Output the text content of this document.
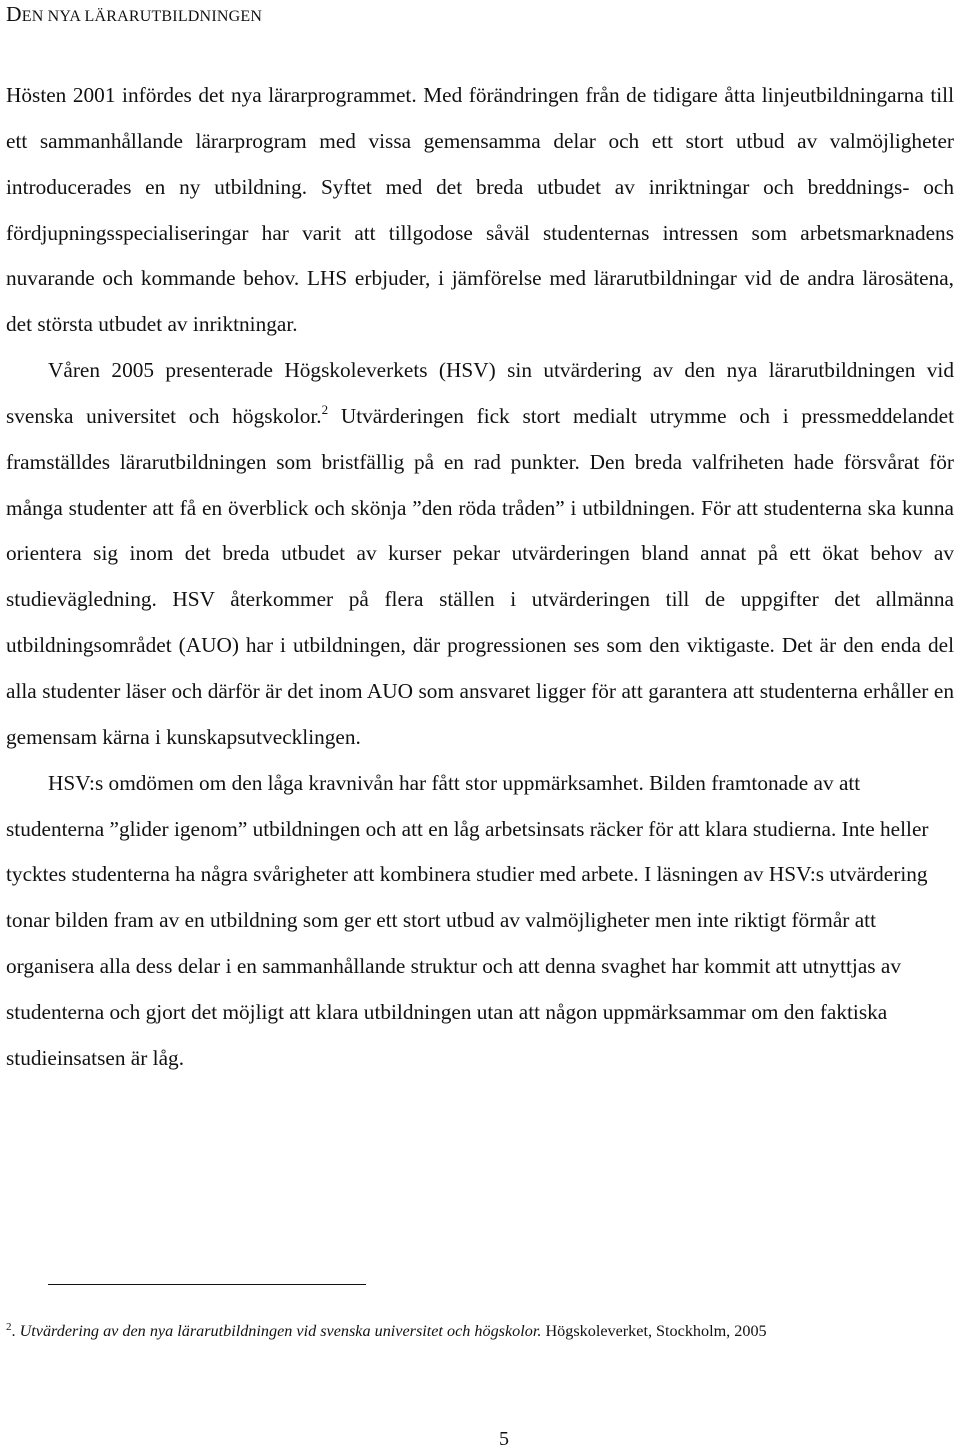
DEN NYA LÄRARUTBILDNINGEN

Hösten 2001 infördes det nya lärarprogrammet. Med förändringen från de tidigare åtta linjeutbildningarna till ett sammanhållande lärarprogram med vissa gemensamma delar och ett stort utbud av valmöjligheter introducerades en ny utbildning. Syftet med det breda utbudet av inriktningar och breddnings- och fördjupningsspecialiseringar har varit att tillgodose såväl studenternas intressen som arbetsmarknadens nuvarande och kommande behov. LHS erbjuder, i jämförelse med lärarutbildningar vid de andra lärosätena, det största utbudet av inriktningar.

Våren 2005 presenterade Högskoleverkets (HSV) sin utvärdering av den nya lärarutbildningen vid svenska universitet och högskolor.$^2$ Utvärderingen fick stort medialt utrymme och i pressmeddelandet framställdes lärarutbildningen som bristfällig på en rad punkter. Den breda valfriheten hade försvårat för många studenter att få en överblick och skönja ”den röda tråden” i utbildningen. För att studenterna ska kunna orientera sig inom det breda utbudet av kurser pekar utvärderingen bland annat på ett ökat behov av studievägledning. HSV återkommer på flera ställen i utvärderingen till de uppgifter det allmänna utbildningsområdet (AUO) har i utbildningen, där progressionen ses som den viktigaste. Det är den enda del alla studenter läser och därför är det inom AUO som ansvaret ligger för att garantera att studenterna erhåller en gemensam kärna i kunskapsutvecklingen.

HSV:s omdömen om den låga kravnivån har fått stor uppmärksamhet. Bilden framtonade av att studenterna ”glider igenom” utbildningen och att en låg arbetsinsats räcker för att klara studierna. Inte heller tycktes studenterna ha några svårigheter att kombinera studier med arbete. I läsningen av HSV:s utvärdering tonar bilden fram av en utbildning som ger ett stort utbud av valmöjligheter men inte riktigt förmår att organisera alla dess delar i en sammanhållande struktur och att denna svaghet har kommit att utnyttjas av studenterna och gjort det möjligt att klara utbildningen utan att någon uppmärksammar om den faktiska studieinsatsen är låg.

$^2$. Utvärdering av den nya lärarutbildningen vid svenska universitet och högskolor. Högskoleverket, Stockholm, 2005
5
